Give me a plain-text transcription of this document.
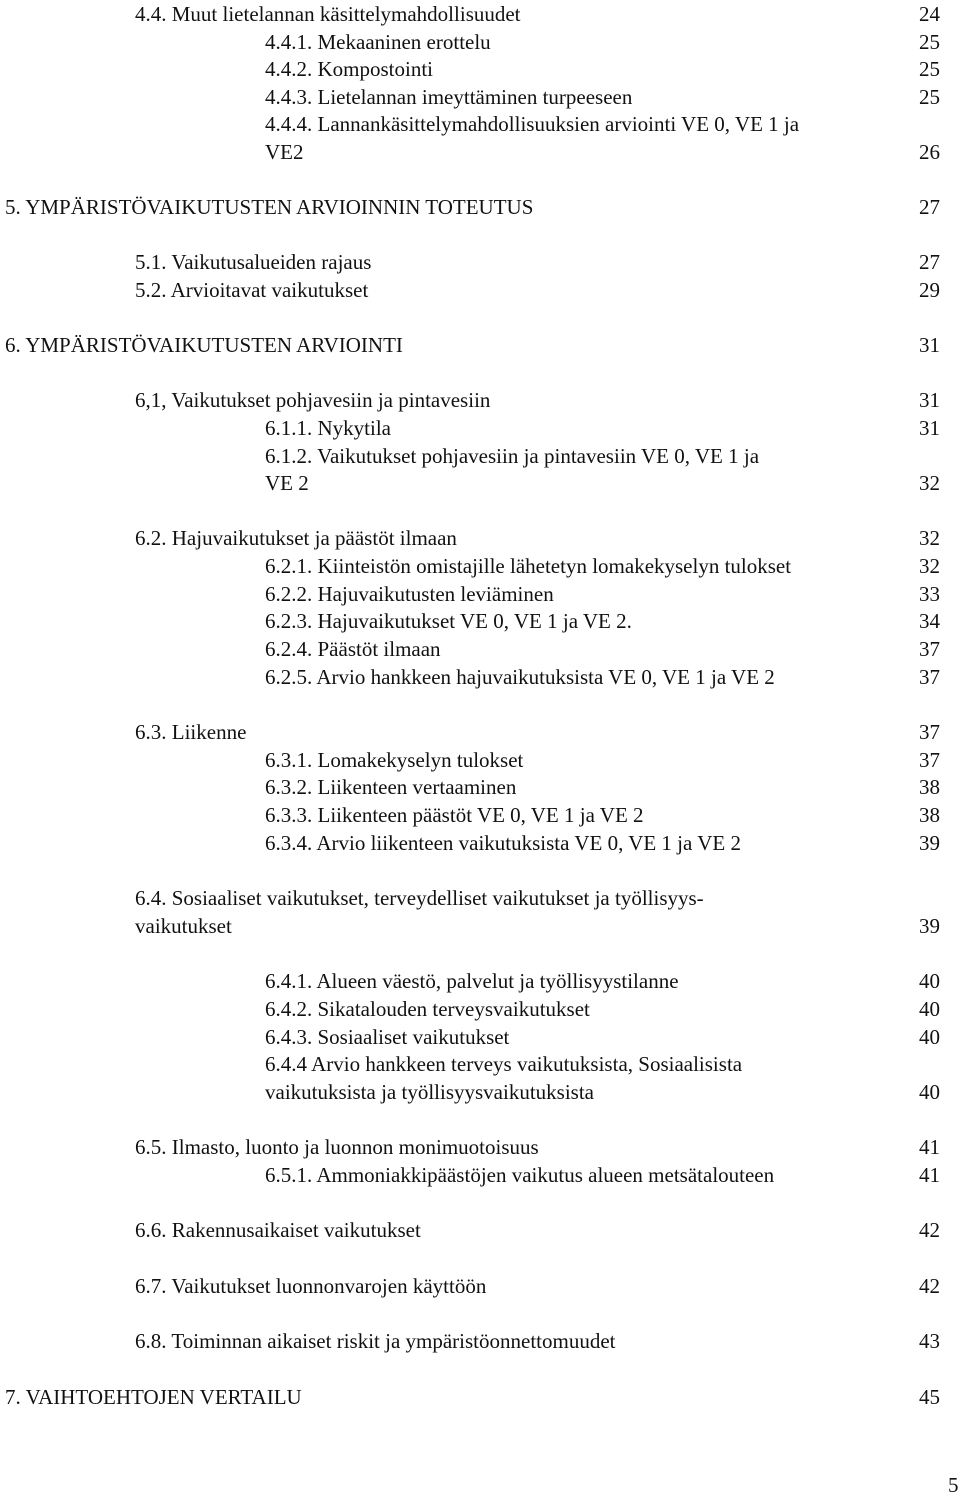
4.4. Muut lietelannan käsittelymahdollisuudet	24
4.4.1. Mekaaninen erottelu	25
4.4.2. Kompostointi	25
4.4.3. Lietelannan imeyttäminen turpeeseen	25
4.4.4. Lannankäsittelymahdollisuuksien arviointi VE 0, VE 1 ja
VE2	26
5. YMPÄRISTÖVAIKUTUSTEN ARVIOINNIN TOTEUTUS	27
5.1. Vaikutusalueiden rajaus	27
5.2. Arvioitavat vaikutukset	29
6. YMPÄRISTÖVAIKUTUSTEN ARVIOINTI	31
6,1, Vaikutukset pohjavesiin ja pintavesiin	31
6.1.1. Nykytila	31
6.1.2. Vaikutukset pohjavesiin ja pintavesiin VE 0, VE 1 ja
VE 2	32
6.2. Hajuvaikutukset ja päästöt ilmaan	32
6.2.1. Kiinteistön omistajille lähetetyn lomakekyselyn tulokset	32
6.2.2. Hajuvaikutusten leviäminen	33
6.2.3. Hajuvaikutukset VE 0, VE 1 ja VE 2.	34
6.2.4. Päästöt ilmaan	37
6.2.5. Arvio hankkeen hajuvaikutuksista VE 0, VE 1 ja VE 2	37
6.3. Liikenne	37
6.3.1. Lomakekyselyn tulokset	37
6.3.2. Liikenteen vertaaminen	38
6.3.3. Liikenteen päästöt VE 0, VE 1 ja VE 2	38
6.3.4. Arvio liikenteen vaikutuksista VE 0, VE 1 ja VE 2	39
6.4. Sosiaaliset vaikutukset, terveydelliset vaikutukset ja työllisyys-
vaikutukset	39
6.4.1. Alueen väestö, palvelut ja työllisyystilanne	40
6.4.2. Sikatalouden terveysvaikutukset	40
6.4.3. Sosiaaliset vaikutukset	40
6.4.4 Arvio hankkeen terveys vaikutuksista, Sosiaalisista
vaikutuksista ja työllisyysvaikutuksista	40
6.5. Ilmasto, luonto ja luonnon monimuotoisuus	41
6.5.1. Ammoniakkipäästöjen vaikutus alueen metsätalouteen	41
6.6. Rakennusaikaiset vaikutukset	42
6.7. Vaikutukset luonnonvarojen käyttöön	42
6.8. Toiminnan aikaiset riskit ja ympäristöonnettomuudet	43
7. VAIHTOEHTOJEN VERTAILU	45
5
